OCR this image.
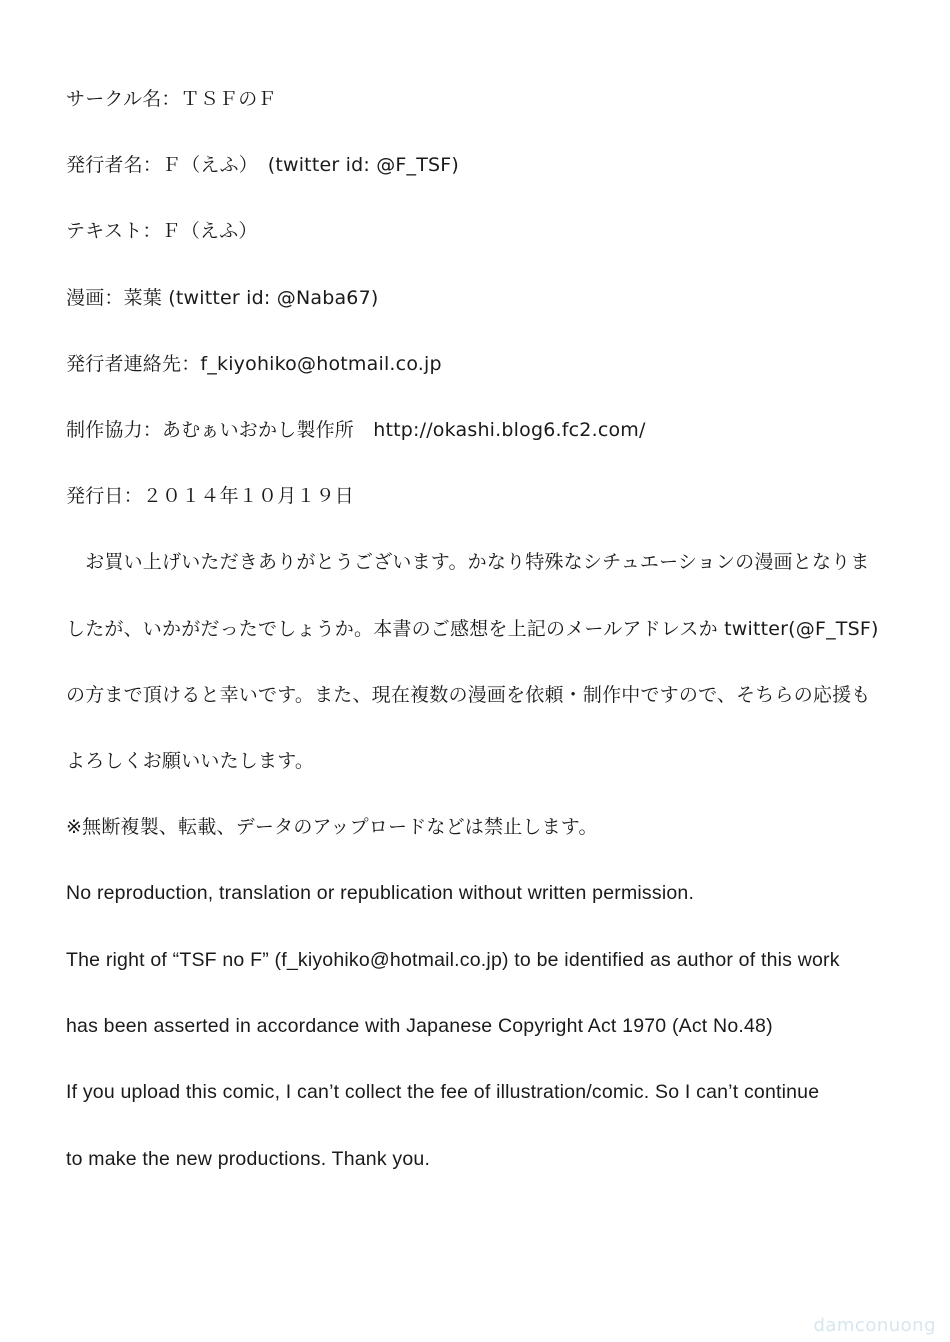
サークル名：ＴＳＦのＦ
発行者名：Ｆ（えふ）　(twitter id: @F_TSF)
テキスト：Ｆ（えふ）
漫画：菜葉 (twitter id: @Naba67)
発行者連絡先：f_kiyohiko@hotmail.co.jp
制作協力：あむぁいおかし製作所　http://okashi.blog6.fc2.com/
発行日：２０１４年１０月１９日
　お買い上げいただきありがとうございます。かなり特殊なシチュエーションの漫画となりま
したが、いかがだったでしょうか。本書のご感想を上記のメールアドレスか twitter(@F_TSF)
の方まで頂けると幸いです。また、現在複数の漫画を依頼・制作中ですので、そちらの応援も
よろしくお願いいたします。
※無断複製、転載、データのアップロードなどは禁止します。
No reproduction, translation or republication without written permission.
The right of “TSF no F” (f_kiyohiko@hotmail.co.jp) to be identified as author of this work
has been asserted in accordance with Japanese Copyright Act 1970 (Act No.48)
If you upload this comic, I can’t collect the fee of illustration/comic. So I can’t continue
to make the new productions. Thank you.
damconuong
